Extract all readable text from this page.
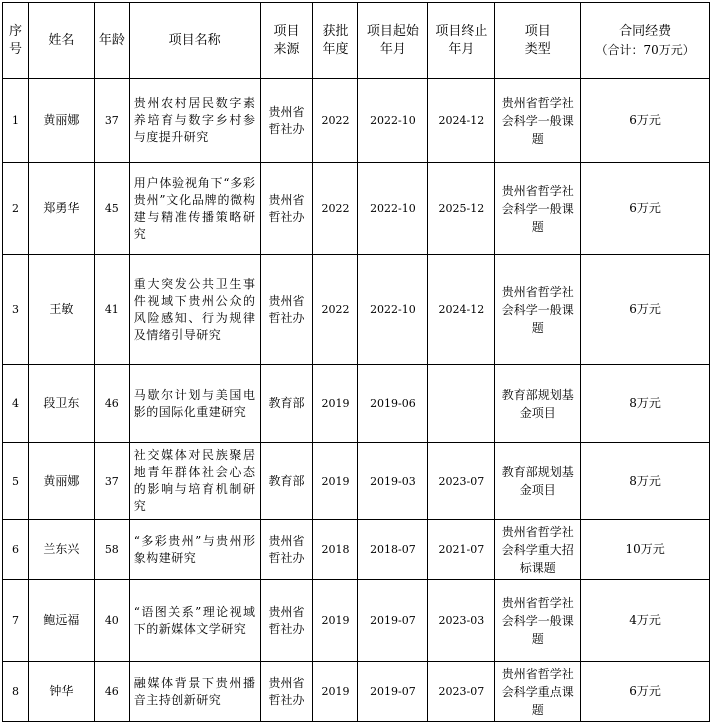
序号	姓名	年龄	项目名称	项目来源	获批年度	项目起始年月	项目终止年月	项目类型	合同经费
（合计：70万元）

1	黄丽娜	37	贵州农村居民数字素养培育与数字乡村参与度提升研究	贵州省哲社办	2022	2022-10	2024-12	贵州省哲学社会科学一般课题	6万元
2	郑勇华	45	用户体验视角下“多彩贵州”文化品牌的微构建与精准传播策略研究	贵州省哲社办	2022	2022-10	2025-12	贵州省哲学社会科学一般课题	6万元
3	王敏	41	重大突发公共卫生事件视域下贵州公众的风险感知、行为规律及情绪引导研究	贵州省哲社办	2022	2022-10	2024-12	贵州省哲学社会科学一般课题	6万元
4	段卫东	46	马歇尔计划与美国电影的国际化重建研究	教育部	2019	2019-06		教育部规划基金项目	8万元
5	黄丽娜	37	社交媒体对民族聚居地青年群体社会心态的影响与培育机制研究	教育部	2019	2019-03	2023-07	教育部规划基金项目	8万元
6	兰东兴	58	“多彩贵州”与贵州形象构建研究	贵州省哲社办	2018	2018-07	2021-07	贵州省哲学社会科学重大招标课题	10万元
7	鲍远福	40	“语图关系”理论视域下的新媒体文学研究	贵州省哲社办	2019	2019-07	2023-03	贵州省哲学社会科学一般课题	4万元
8	钟华	46	融媒体背景下贵州播音主持创新研究	贵州省哲社办	2019	2019-07	2023-07	贵州省哲学社会科学重点课题	6万元
